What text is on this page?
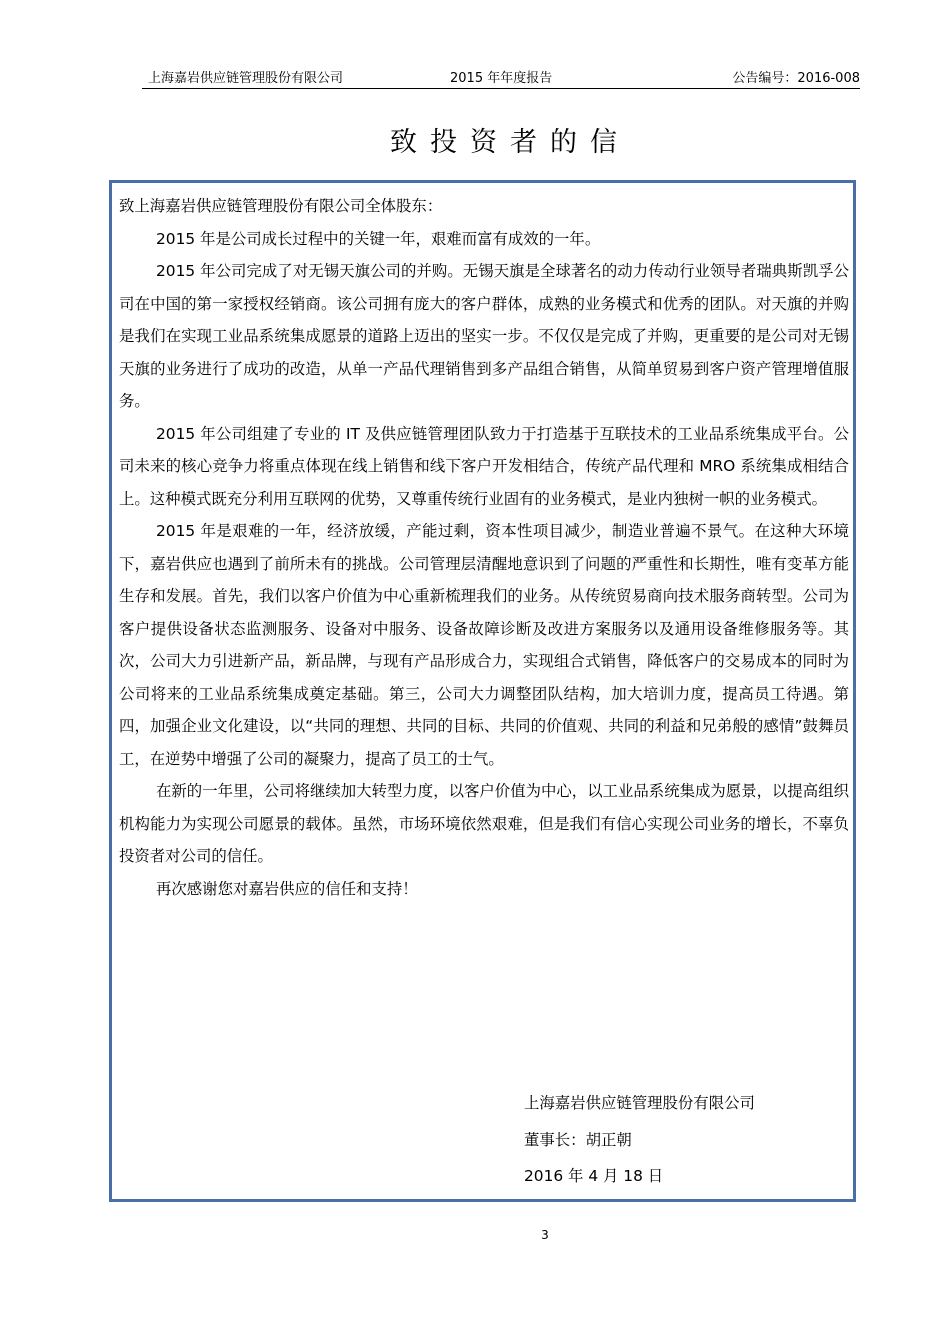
上海嘉岩供应链管理股份有限公司	2015 年年度报告	公告编号：2016-008
致投资者的信

致上海嘉岩供应链管理股份有限公司全体股东：

2015 年是公司成长过程中的关键一年，艰难而富有成效的一年。

2015 年公司完成了对无锡天旗公司的并购。无锡天旗是全球著名的动力传动行业领导者瑞典斯凯孚公司在中国的第一家授权经销商。该公司拥有庞大的客户群体，成熟的业务模式和优秀的团队。对天旗的并购是我们在实现工业品系统集成愿景的道路上迈出的坚实一步。不仅仅是完成了并购，更重要的是公司对无锡天旗的业务进行了成功的改造，从单一产品代理销售到多产品组合销售，从简单贸易到客户资产管理增值服务。

2015 年公司组建了专业的 IT 及供应链管理团队致力于打造基于互联技术的工业品系统集成平台。公司未来的核心竞争力将重点体现在线上销售和线下客户开发相结合，传统产品代理和 MRO 系统集成相结合上。这种模式既充分利用互联网的优势，又尊重传统行业固有的业务模式，是业内独树一帜的业务模式。

2015 年是艰难的一年，经济放缓，产能过剩，资本性项目减少，制造业普遍不景气。在这种大环境下，嘉岩供应也遇到了前所未有的挑战。公司管理层清醒地意识到了问题的严重性和长期性，唯有变革方能生存和发展。首先，我们以客户价值为中心重新梳理我们的业务。从传统贸易商向技术服务商转型。公司为客户提供设备状态监测服务、设备对中服务、设备故障诊断及改进方案服务以及通用设备维修服务等。其次，公司大力引进新产品，新品牌，与现有产品形成合力，实现组合式销售，降低客户的交易成本的同时为公司将来的工业品系统集成奠定基础。第三，公司大力调整团队结构，加大培训力度，提高员工待遇。第四，加强企业文化建设，以“共同的理想、共同的目标、共同的价值观、共同的利益和兄弟般的感情”鼓舞员工，在逆势中增强了公司的凝聚力，提高了员工的士气。

在新的一年里，公司将继续加大转型力度，以客户价值为中心，以工业品系统集成为愿景，以提高组织机构能力为实现公司愿景的载体。虽然，市场环境依然艰难，但是我们有信心实现公司业务的增长，不辜负投资者对公司的信任。

再次感谢您对嘉岩供应的信任和支持！

上海嘉岩供应链管理股份有限公司
董事长：胡正朝
2016 年 4 月 18 日
3
